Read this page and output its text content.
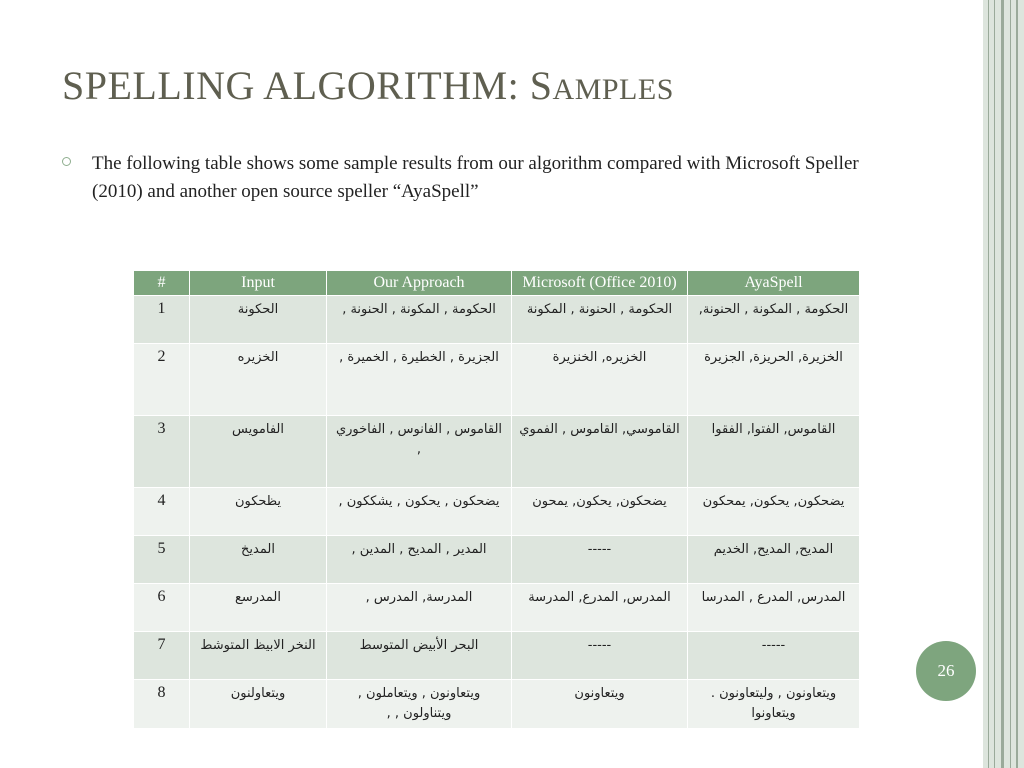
SPELLING ALGORITHM: SAMPLES
The following table shows some sample results from our algorithm compared with Microsoft Speller (2010) and another open source speller “AyaSpell”
#	Input	Our Approach	Microsoft (Office 2010)	AyaSpell
1	الحكونة	الحكومة , المكونة , الحنونة ,	الحكومة , الحنونة , المكونة	الحكومة , المكونة , الحنونة,
2	الخزيره	الجزيرة , الخطيرة , الخميرة ,	الخزيره, الخنزيرة	الخزيرة, الحريزة, الجزيرة
3	الفامويس	القاموس , الفانوس , الفاخوري ,	القاموسي, القاموس , الفموي	القاموس, الفتوا, الفقوا
4	يظحكون	يضحكون , يحكون , يشككون ,	يضحكون, يحكون, يمحون	يضحكون, يحكون, يمحكون
5	المديخ	المدير , المديح , المدين ,	-----	المديح, المديح, الخديم
6	المدرسع	المدرسة, المدرس ,	المدرس, المدرع, المدرسة	المدرس, المدرع , المدرسا
7	النخر الابيظ المتوشط	البحر الأبيض المتوسط	-----	-----
8	ويتعاولنون	ويتعاونون , ويتعاملون , ويتناولون , ,	ويتعاونون	ويتعاونون , وليتعاونون . ويتعاونوا
26
